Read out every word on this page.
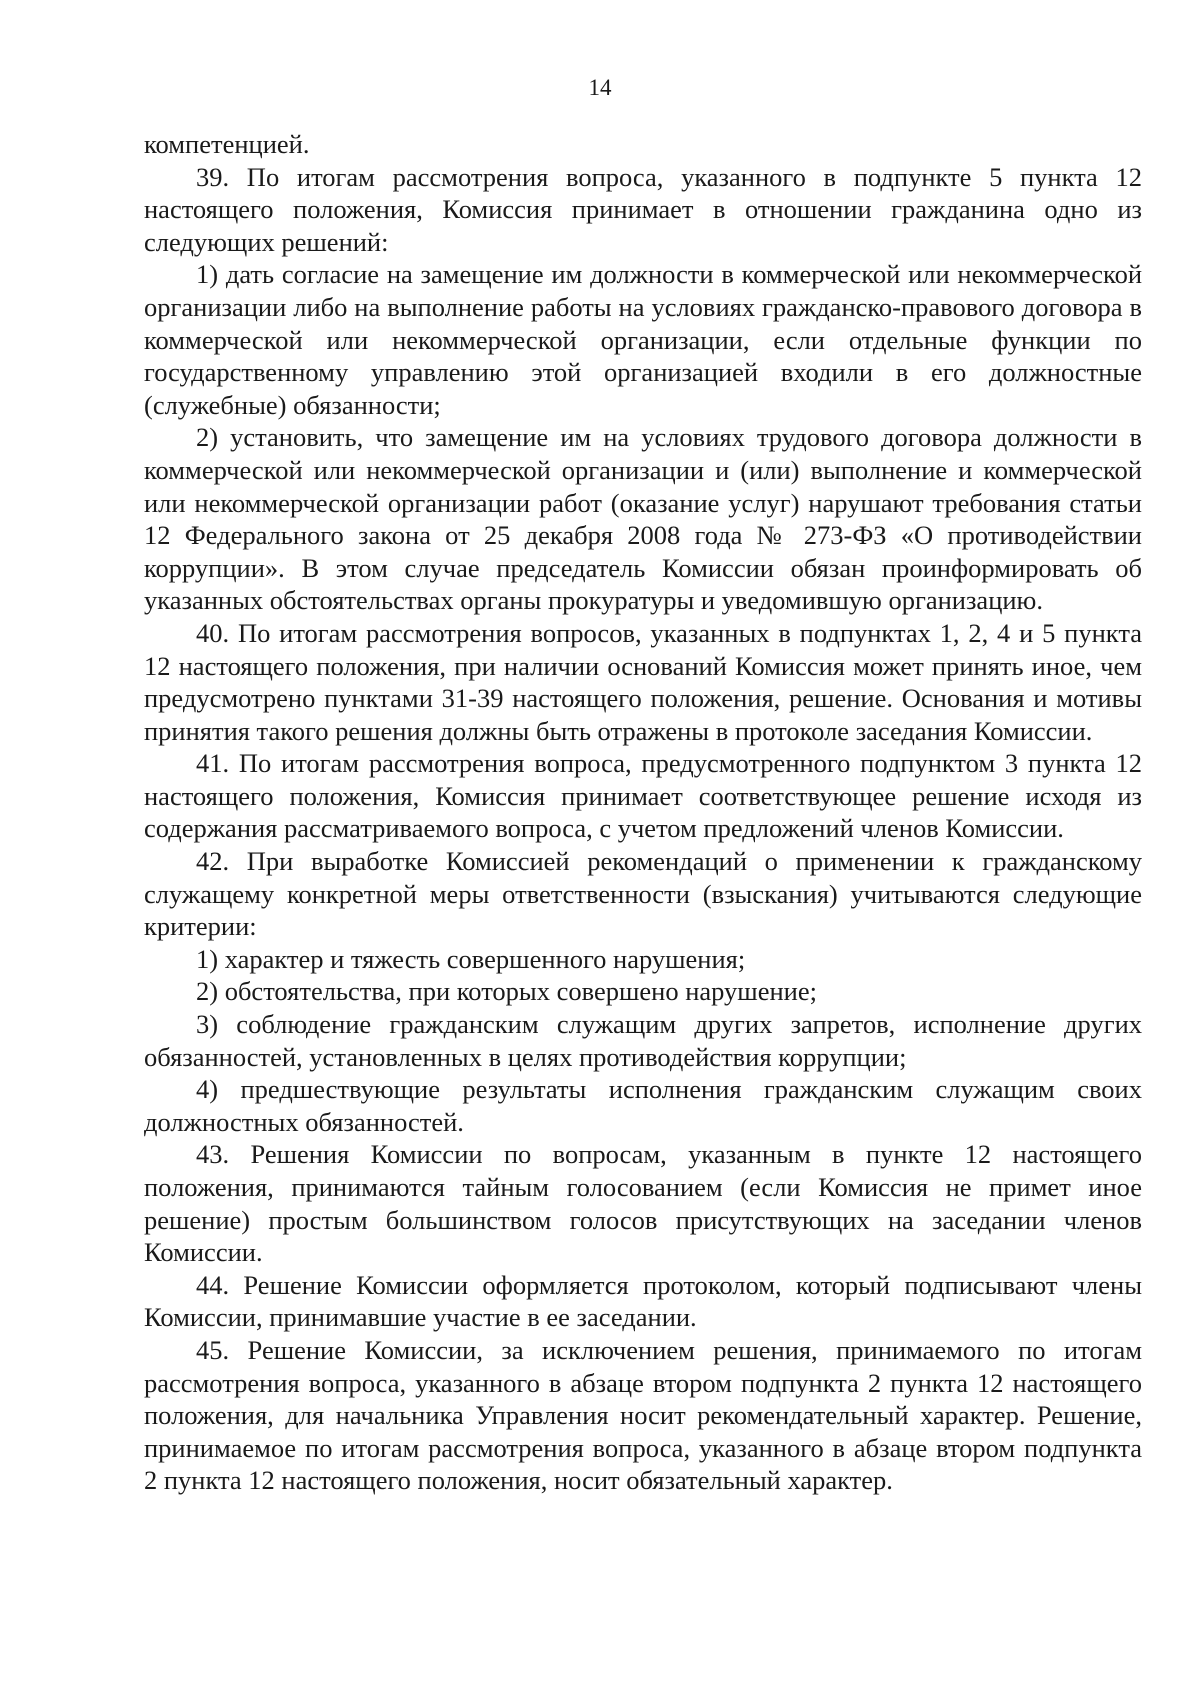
14

компетенцией.

39. По итогам рассмотрения вопроса, указанного в подпункте 5 пункта 12 настоящего положения, Комиссия принимает в отношении гражданина одно из следующих решений:

1) дать согласие на замещение им должности в коммерческой или некоммерческой организации либо на выполнение работы на условиях гражданско-правового договора в коммерческой или некоммерческой организации, если отдельные функции по государственному управлению этой организацией входили в его должностные (служебные) обязанности;

2) установить, что замещение им на условиях трудового договора должности в коммерческой или некоммерческой организации и (или) выполнение и коммерческой или некоммерческой организации работ (оказание услуг) нарушают требования статьи 12 Федерального закона от 25 декабря 2008 года № 273-ФЗ «О противодействии коррупции». В этом случае председатель Комиссии обязан проинформировать об указанных обстоятельствах органы прокуратуры и уведомившую организацию.

40. По итогам рассмотрения вопросов, указанных в подпунктах 1, 2, 4 и 5 пункта 12 настоящего положения, при наличии оснований Комиссия может принять иное, чем предусмотрено пунктами 31-39 настоящего положения, решение. Основания и мотивы принятия такого решения должны быть отражены в протоколе заседания Комиссии.

41. По итогам рассмотрения вопроса, предусмотренного подпунктом 3 пункта 12 настоящего положения, Комиссия принимает соответствующее решение исходя из содержания рассматриваемого вопроса, с учетом предложений членов Комиссии.

42. При выработке Комиссией рекомендаций о применении к гражданскому служащему конкретной меры ответственности (взыскания) учитываются следующие критерии:

1) характер и тяжесть совершенного нарушения;

2) обстоятельства, при которых совершено нарушение;

3) соблюдение гражданским служащим других запретов, исполнение других обязанностей, установленных в целях противодействия коррупции;

4) предшествующие результаты исполнения гражданским служащим своих должностных обязанностей.

43. Решения Комиссии по вопросам, указанным в пункте 12 настоящего положения, принимаются тайным голосованием (если Комиссия не примет иное решение) простым большинством голосов присутствующих на заседании членов Комиссии.

44. Решение Комиссии оформляется протоколом, который подписывают члены Комиссии, принимавшие участие в ее заседании.

45. Решение Комиссии, за исключением решения, принимаемого по итогам рассмотрения вопроса, указанного в абзаце втором подпункта 2 пункта 12 настоящего положения, для начальника Управления носит рекомендательный характер. Решение, принимаемое по итогам рассмотрения вопроса, указанного в абзаце втором подпункта 2 пункта 12 настоящего положения, носит обязательный характер.
